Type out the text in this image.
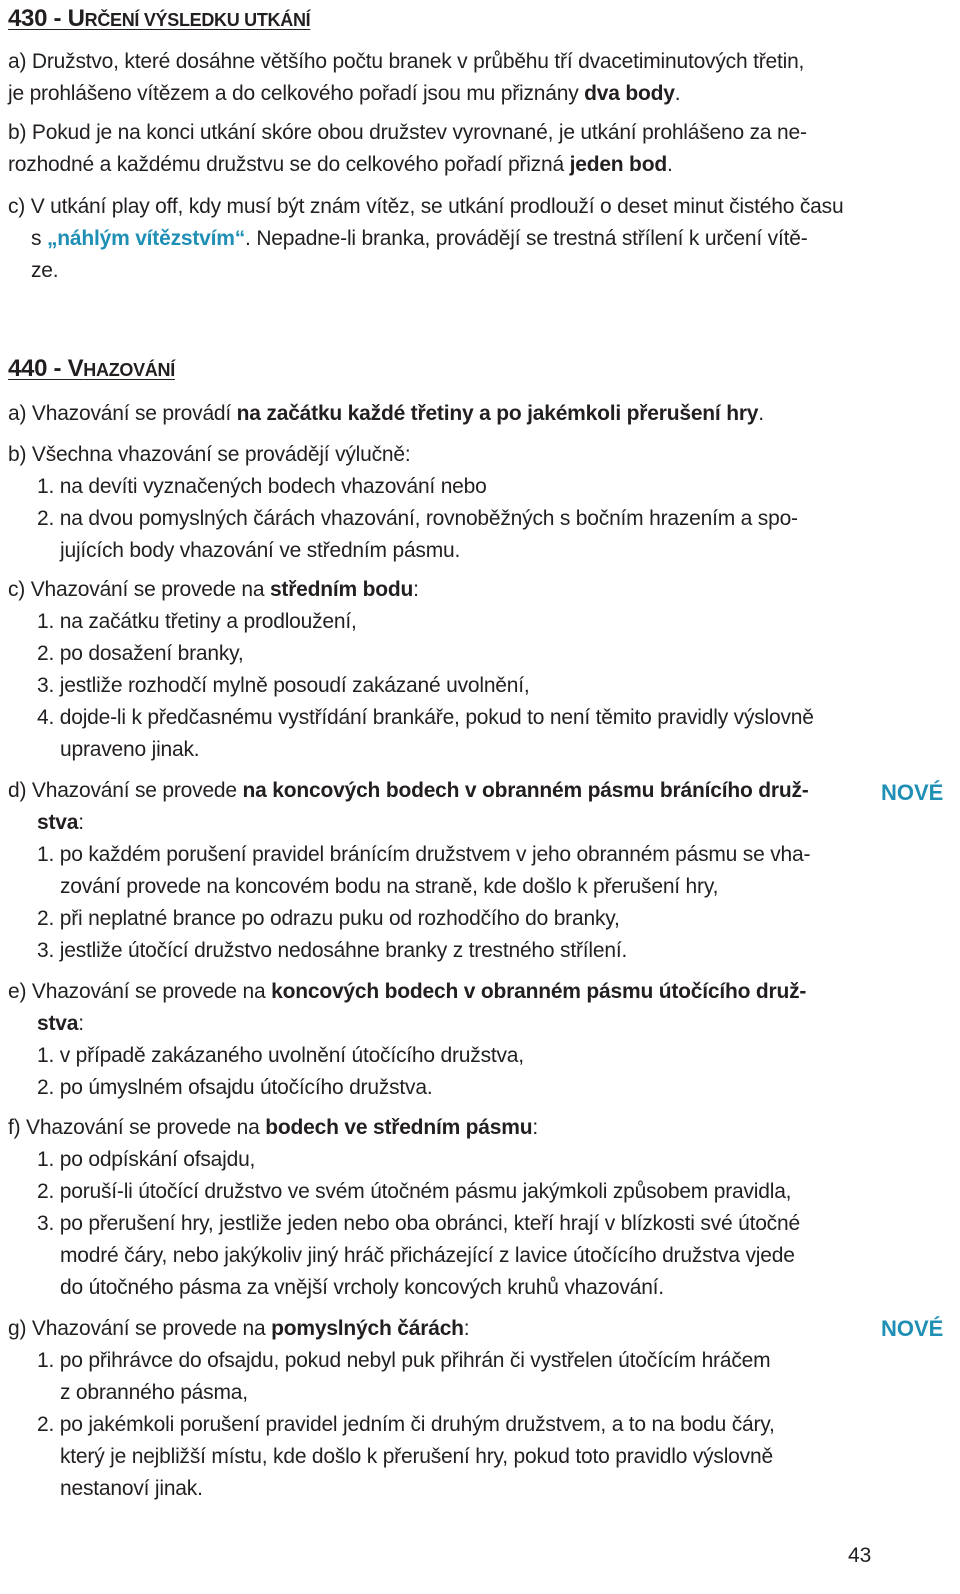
430 - URČENÍ VÝSLEDKU UTKÁNÍ

a) Družstvo, které dosáhne většího počtu branek v průběhu tří dvacetiminutových třetin,
je prohlášeno vítězem a do celkového pořadí jsou mu přiznány dva body.

b) Pokud je na konci utkání skóre obou družstev vyrovnané, je utkání prohlášeno za ne-
rozhodné a každému družstvu se do celkového pořadí přizná jeden bod.

c) V utkání play off, kdy musí být znám vítěz, se utkání prodlouží o deset minut čistého času
s „náhlým vítězstvím“. Nepadne-li branka, provádějí se trestná střílení k určení vítě-
ze.

440 - VHAZOVÁNÍ

a) Vhazování se provádí na začátku každé třetiny a po jakémkoli přerušení hry.

b) Všechna vhazování se provádějí výlučně:

1. na devíti vyznačených bodech vhazování nebo

2. na dvou pomyslných čárách vhazování, rovnoběžných s bočním hrazením a spo-
jujících body vhazování ve středním pásmu.

c) Vhazování se provede na středním bodu:

1. na začátku třetiny a prodloužení,

2. po dosažení branky,

3. jestliže rozhodčí mylně posoudí zakázané uvolnění,

4. dojde-li k předčasnému vystřídání brankáře, pokud to není těmito pravidly výslovně
upraveno jinak.

d) Vhazování se provede na koncových bodech v obranném pásmu bránícího druž-
stva:

NOVÉ

1. po každém porušení pravidel bránícím družstvem v jeho obranném pásmu se vha-
zování provede na koncovém bodu na straně, kde došlo k přerušení hry,

2. při neplatné brance po odrazu puku od rozhodčího do branky,

3. jestliže útočící družstvo nedosáhne branky z trestného střílení.

e) Vhazování se provede na koncových bodech v obranném pásmu útočícího druž-
stva:

1. v případě zakázaného uvolnění útočícího družstva,

2. po úmyslném ofsajdu útočícího družstva.

f) Vhazování se provede na bodech ve středním pásmu:

1. po odpískání ofsajdu,

2. poruší-li útočící družstvo ve svém útočném pásmu jakýmkoli způsobem pravidla,

3. po přerušení hry, jestliže jeden nebo oba obránci, kteří hrají v blízkosti své útočné
modré čáry, nebo jakýkoliv jiný hráč přicházející z lavice útočícího družstva vjede
do útočného pásma za vnější vrcholy koncových kruhů vhazování.

g) Vhazování se provede na pomyslných čárách:	NOVÉ

1. po přihrávce do ofsajdu, pokud nebyl puk přihrán či vystřelen útočícím hráčem
z obranného pásma,

2. po jakémkoli porušení pravidel jedním či druhým družstvem, a to na bodu čáry,
který je nejbližší místu, kde došlo k přerušení hry, pokud toto pravidlo výslovně
nestanoví jinak.

43
